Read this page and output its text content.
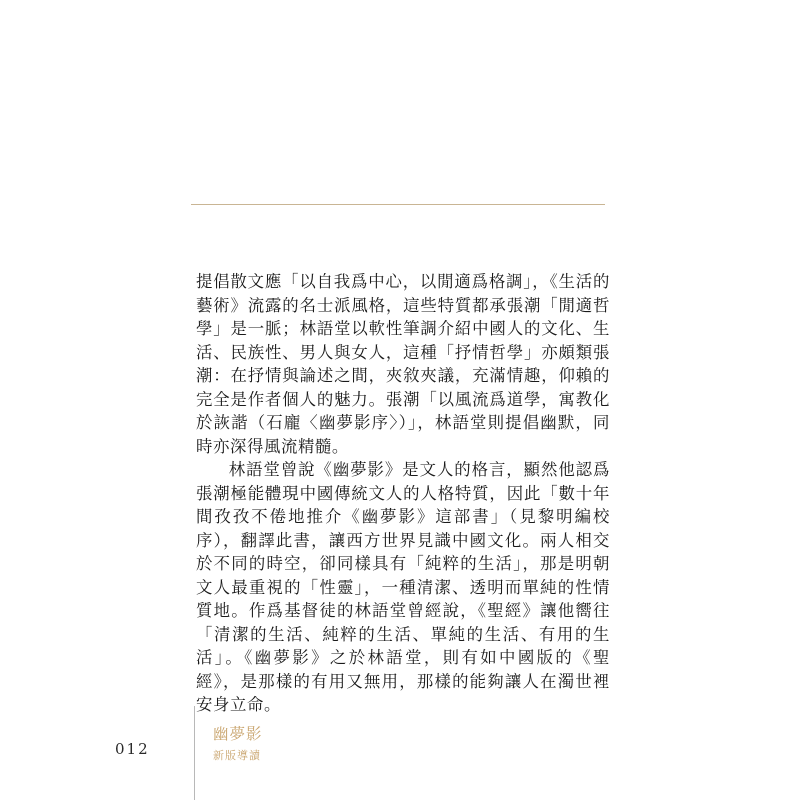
提倡散文應「以自我爲中心，以閒適爲格調」，《生活的藝術》流露的名士派風格，這些特質都承張潮「閒適哲學」是一脈；林語堂以軟性筆調介紹中國人的文化、生活、民族性、男人與女人，這種「抒情哲學」亦頗類張潮：在抒情與論述之間，夾敘夾議，充滿情趣，仰賴的完全是作者個人的魅力。張潮「以風流爲道學，寓教化於詼諧（石龐〈幽夢影序〉）」，林語堂則提倡幽默，同時亦深得風流精髓。

林語堂曾說《幽夢影》是文人的格言，顯然他認爲張潮極能體現中國傳統文人的人格特質，因此「數十年間孜孜不倦地推介《幽夢影》這部書」（見黎明編校序），翻譯此書，讓西方世界見識中國文化。兩人相交於不同的時空，卻同樣具有「純粹的生活」，那是明朝文人最重視的「性靈」，一種清潔、透明而單純的性情質地。作爲基督徒的林語堂曾經說，《聖經》讓他嚮往「清潔的生活、純粹的生活、單純的生活、有用的生活」。《幽夢影》之於林語堂，則有如中國版的《聖經》，是那樣的有用又無用，那樣的能夠讓人在濁世裡安身立命。

012
幽夢影
新版導讀
